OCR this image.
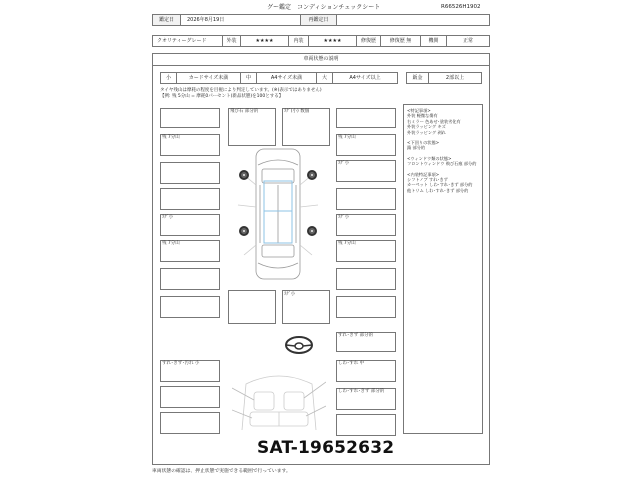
グー鑑定　コンディションチェックシート	R66526H1902
鑑定日	2026年8月19日	再鑑定日
クオリティーグレード	外装	★★★★	内装	★★★★	修復歴	修復歴 無	機関	正常
車両状態の説明
小	カードサイズ未満	中	A4サイズ未満	大	A4サイズ以上	鈑金	2部以上
タイヤ残山は摩耗の程度を目視により判定しています。(※)表示ではありません)
【例: 残 5分山 = 摩耗0パーセント(新品状態)を100とする】
<特記事項>
外装 軽微な傷有
右ミラー 色あせ･塗装劣化有
外装ラッピング キズ
外装ラッピング 剥れ
<下回りの状態>
錆 部分的
<ウィンドウ類の状態>
フロントウィンドウ 飛び石痕 部分的
<内装特記事項>
シフトノブ すれ･きず
カーペット しわ･すれ･きず 部分的
他トリム しわ･すれ･きず 部分的
飛び石 部分的	ｽｸﾞ(小) 数個
残 7分山
ｽｸﾞ小
残 7分山
残 7分山
ｽｸﾞ小
ｽｸﾞ小
残 7分山
ｽｸﾞ小
すれ･きず 部分的
すれ･きず･汚れ 小	しわ･すれ 中
しわ･すれ･きず 部分的
SAT-19652632
車両状態の確認は、押止状態で実施できる範囲で行っています。
